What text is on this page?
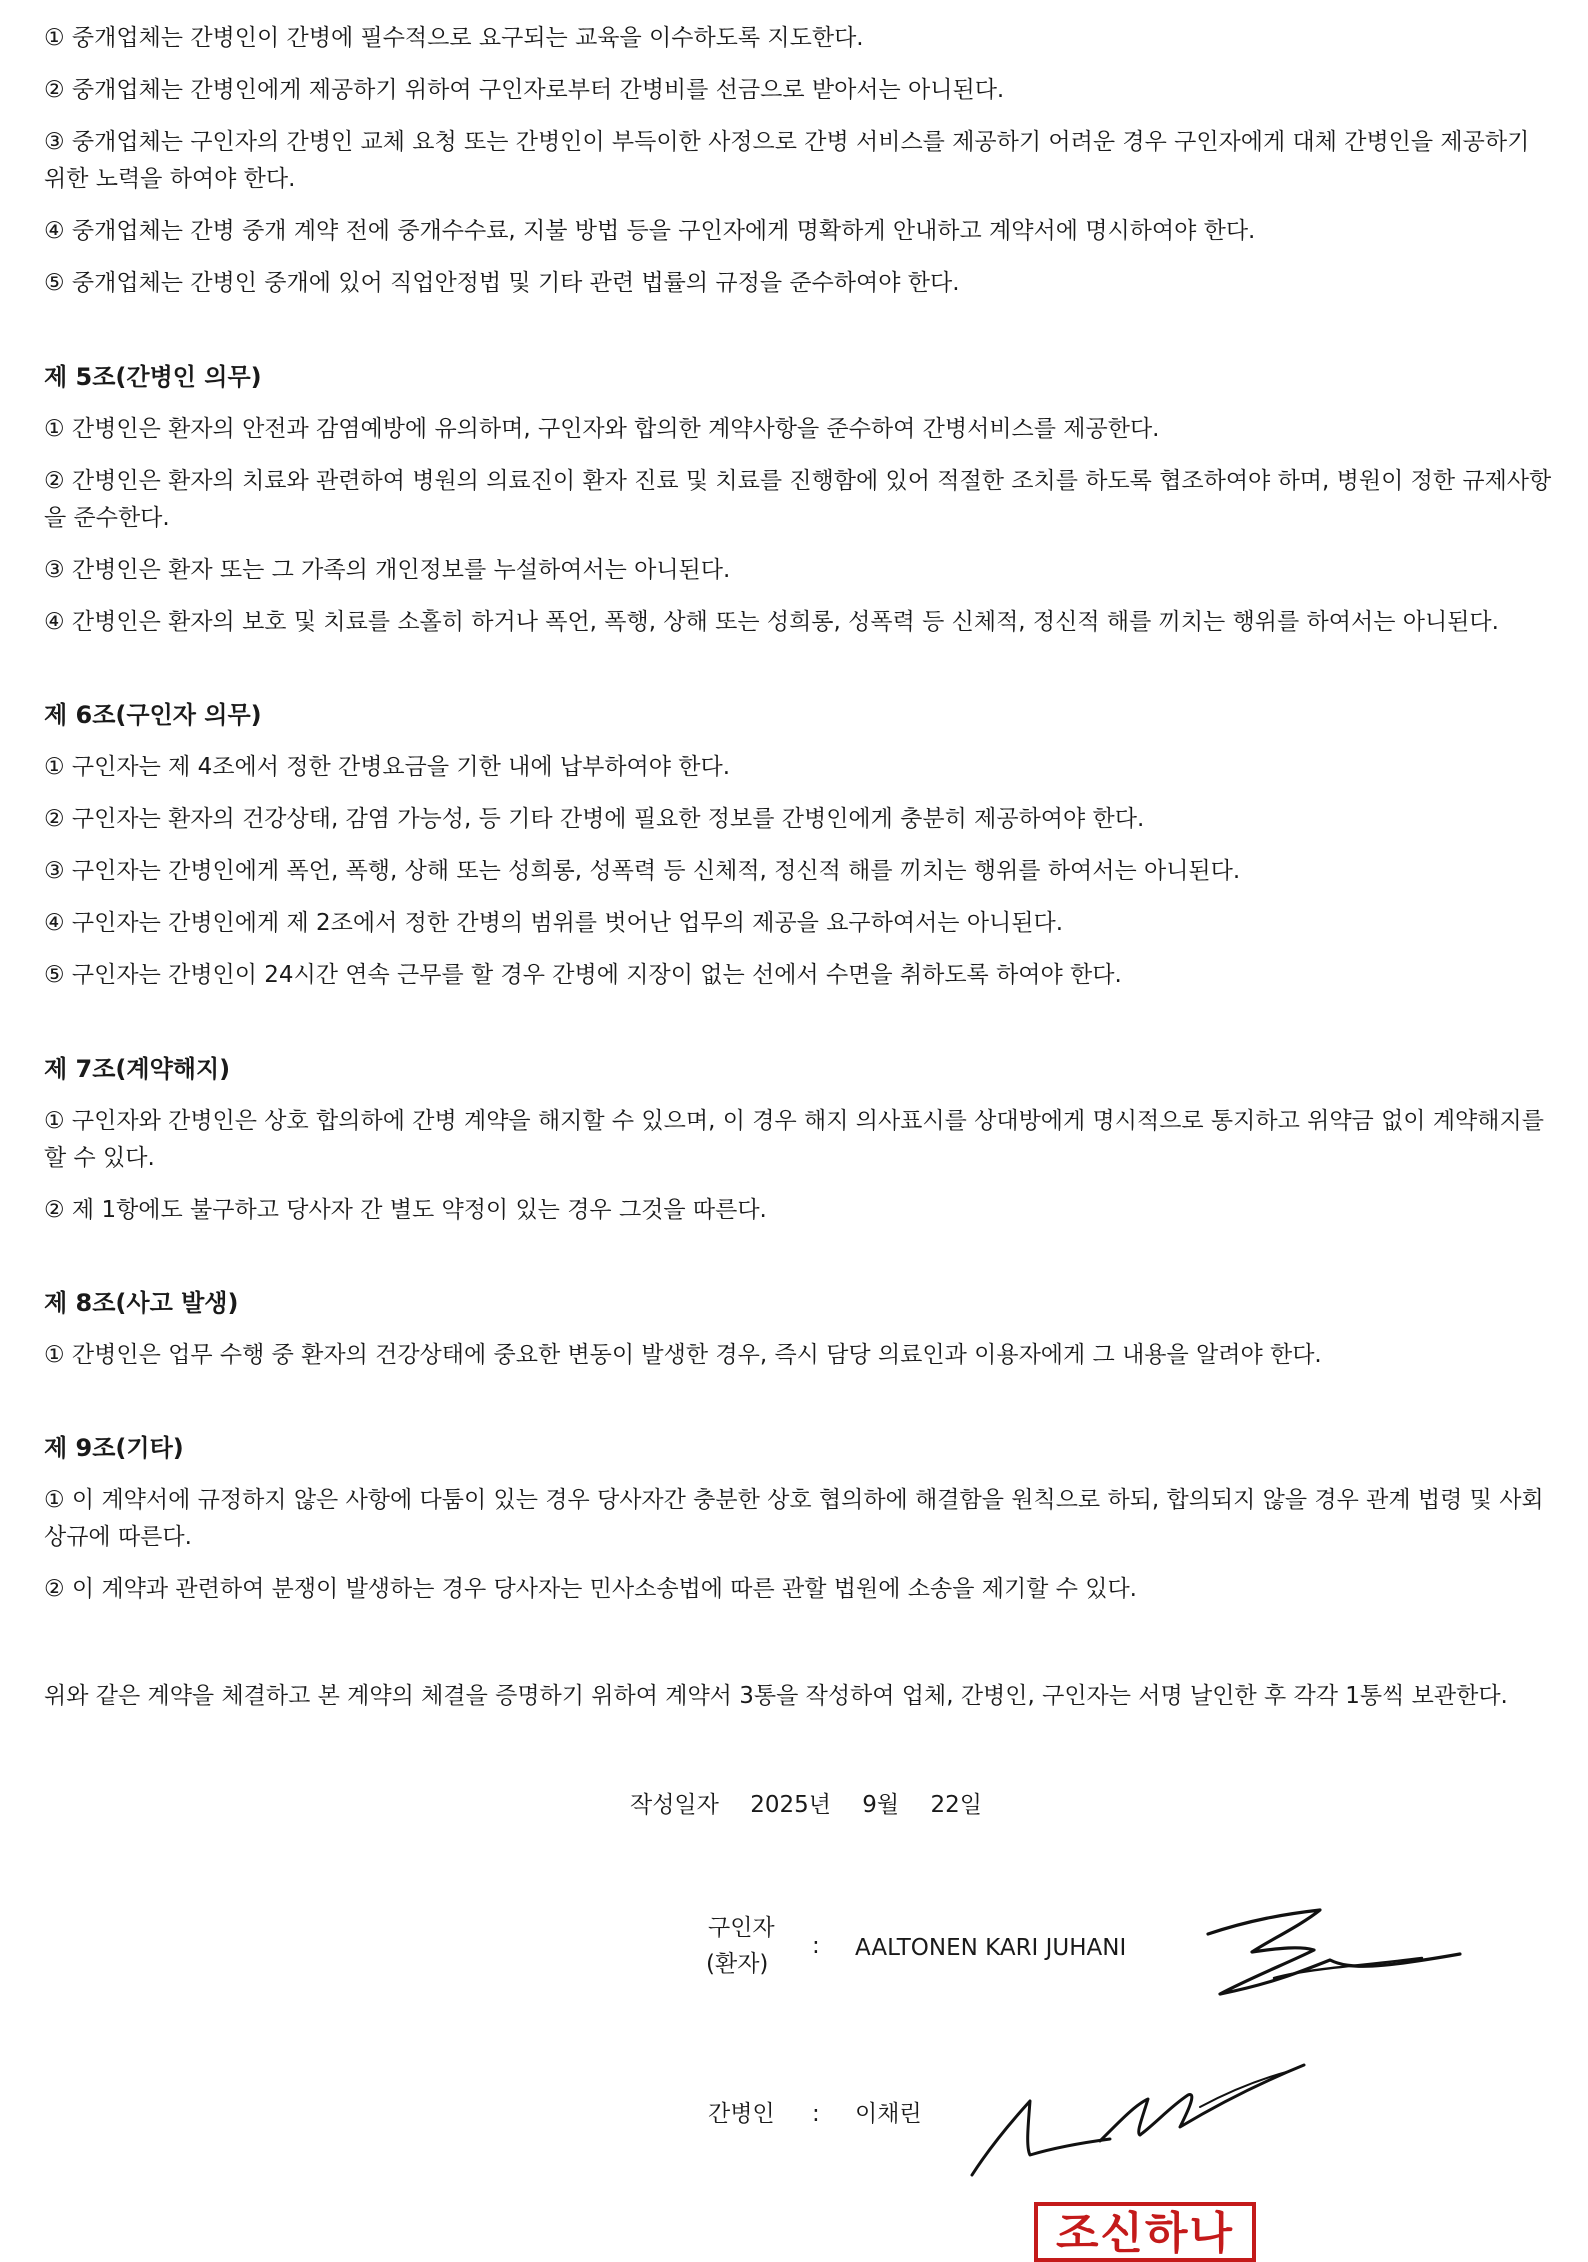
① 중개업체는 간병인이 간병에 필수적으로 요구되는 교육을 이수하도록 지도한다.

② 중개업체는 간병인에게 제공하기 위하여 구인자로부터 간병비를 선금으로 받아서는 아니된다.

③ 중개업체는 구인자의 간병인 교체 요청 또는 간병인이 부득이한 사정으로 간병 서비스를 제공하기 어려운 경우 구인자에게 대체 간병인을 제공하기 위한 노력을 하여야 한다.

④ 중개업체는 간병 중개 계약 전에 중개수수료, 지불 방법 등을 구인자에게 명확하게 안내하고 계약서에 명시하여야 한다.

⑤ 중개업체는 간병인 중개에 있어 직업안정법 및 기타 관련 법률의 규정을 준수하여야 한다.

제 5조(간병인 의무)

① 간병인은 환자의 안전과 감염예방에 유의하며, 구인자와 합의한 계약사항을 준수하여 간병서비스를 제공한다.

② 간병인은 환자의 치료와 관련하여 병원의 의료진이 환자 진료 및 치료를 진행함에 있어 적절한 조치를 하도록 협조하여야 하며, 병원이 정한 규제사항을 준수한다.

③ 간병인은 환자 또는 그 가족의 개인정보를 누설하여서는 아니된다.

④ 간병인은 환자의 보호 및 치료를 소홀히 하거나 폭언, 폭행, 상해 또는 성희롱, 성폭력 등 신체적, 정신적 해를 끼치는 행위를 하여서는 아니된다.

제 6조(구인자 의무)

① 구인자는 제 4조에서 정한 간병요금을 기한 내에 납부하여야 한다.

② 구인자는 환자의 건강상태, 감염 가능성, 등 기타 간병에 필요한 정보를 간병인에게 충분히 제공하여야 한다.

③ 구인자는 간병인에게 폭언, 폭행, 상해 또는 성희롱, 성폭력 등 신체적, 정신적 해를 끼치는 행위를 하여서는 아니된다.

④ 구인자는 간병인에게 제 2조에서 정한 간병의 범위를 벗어난 업무의 제공을 요구하여서는 아니된다.

⑤ 구인자는 간병인이 24시간 연속 근무를 할 경우 간병에 지장이 없는 선에서 수면을 취하도록 하여야 한다.

제 7조(계약해지)

① 구인자와 간병인은 상호 합의하에 간병 계약을 해지할 수 있으며, 이 경우 해지 의사표시를 상대방에게 명시적으로 통지하고 위약금 없이 계약해지를 할 수 있다.

② 제 1항에도 불구하고 당사자 간 별도 약정이 있는 경우 그것을 따른다.

제 8조(사고 발생)

① 간병인은 업무 수행 중 환자의 건강상태에 중요한 변동이 발생한 경우, 즉시 담당 의료인과 이용자에게 그 내용을 알려야 한다.

제 9조(기타)

① 이 계약서에 규정하지 않은 사항에 다툼이 있는 경우 당사자간 충분한 상호 협의하에 해결함을 원칙으로 하되, 합의되지 않을 경우 관계 법령 및 사회상규에 따른다.

② 이 계약과 관련하여 분쟁이 발생하는 경우 당사자는 민사소송법에 따른 관할 법원에 소송을 제기할 수 있다.

위와 같은 계약을 체결하고 본 계약의 체결을 증명하기 위하여 계약서 3통을 작성하여 업체, 간병인, 구인자는 서명 날인한 후 각각 1통씩 보관한다.

작성일자 2025년 9월 22일
구인자
(환자)
: AALTONEN KARI JUHANI
간병인 : 이채린
조신하나
